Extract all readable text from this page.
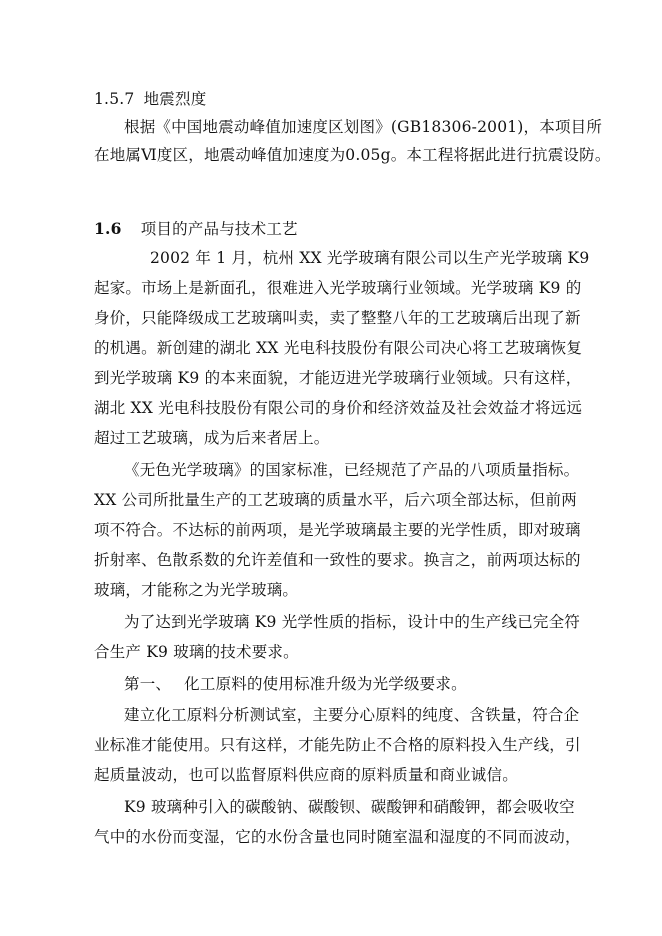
1.5.7 地震烈度
根据《中国地震动峰值加速度区划图》(GB18306-2001)，本项目所
在地属Ⅵ度区，地震动峰值加速度为0.05g。本工程将据此进行抗震设防。
1.6 项目的产品与技术工艺
2002 年 1 月，杭州 XX 光学玻璃有限公司以生产光学玻璃 K9
起家。市场上是新面孔，很难进入光学玻璃行业领域。光学玻璃 K9 的
身价，只能降级成工艺玻璃叫卖，卖了整整八年的工艺玻璃后出现了新
的机遇。新创建的湖北 XX 光电科技股份有限公司决心将工艺玻璃恢复
到光学玻璃 K9 的本来面貌，才能迈进光学玻璃行业领域。只有这样，
湖北 XX 光电科技股份有限公司的身价和经济效益及社会效益才将远远
超过工艺玻璃，成为后来者居上。
《无色光学玻璃》的国家标准，已经规范了产品的八项质量指标。
XX 公司所批量生产的工艺玻璃的质量水平，后六项全部达标，但前两
项不符合。不达标的前两项，是光学玻璃最主要的光学性质，即对玻璃
折射率、色散系数的允许差值和一致性的要求。换言之，前两项达标的
玻璃，才能称之为光学玻璃。
为了达到光学玻璃 K9 光学性质的指标，设计中的生产线已完全符
合生产 K9 玻璃的技术要求。
第一、　 化工原料的使用标准升级为光学级要求。
建立化工原料分析测试室，主要分心原料的纯度、含铁量，符合企
业标准才能使用。只有这样，才能先防止不合格的原料投入生产线，引
起质量波动，也可以监督原料供应商的原料质量和商业诚信。
K9 玻璃种引入的碳酸钠、碳酸钡、碳酸钾和硝酸钾，都会吸收空
气中的水份而变湿，它的水份含量也同时随室温和湿度的不同而波动，
